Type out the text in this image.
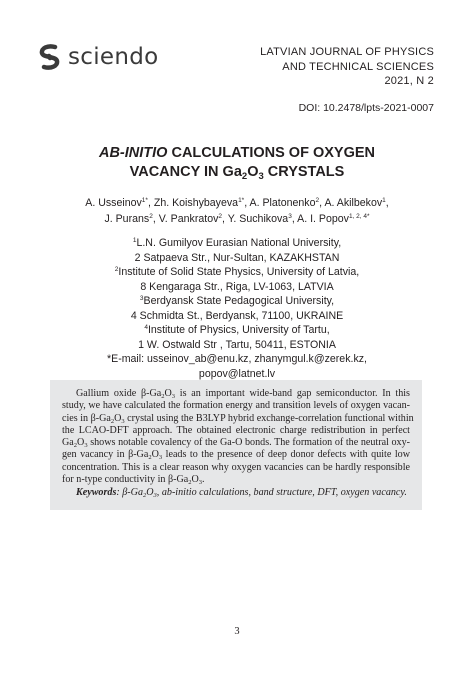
sciendo	LATVIAN JOURNAL OF PHYSICS
AND TECHNICAL SCIENCES
2021, N 2
DOI: 10.2478/lpts-2021-0007
AB-INITIO CALCULATIONS OF OXYGEN
VACANCY IN $Ga_2O_3$ CRYSTALS
A. Usseinov$^{1*}$, Zh. Koishybayeva$^{1*}$, A. Platonenko$^2$, A. Akilbekov$^1$,
J. Purans$^2$, V. Pankratov$^2$, Y. Suchikova$^3$, A. I. Popov$^{1, 2, 4*}$
$^1$L.N. Gumilyov Eurasian National University,
2 Satpaeva Str., Nur-Sultan, KAZAKHSTAN
$^2$Institute of Solid State Physics, University of Latvia,
8 Kengaraga Str., Riga, LV-1063, LATVIA
$^3$Berdyansk State Pedagogical University,
4 Schmidta St., Berdyansk, 71100, UKRAINE
$^4$Institute of Physics, University of Tartu,
1 W. Ostwald Str , Tartu, 50411, ESTONIA
*E-mail: usseinov_ab@enu.kz, zhanymgul.k@zerek.kz,
popov@latnet.lv
Gallium oxide $\beta-Ga_2O_3$ is an important wide-band gap semiconductor. In this
study, we have calculated the formation energy and transition levels of oxygen vacan-
cies in $\beta-Ga_2O_3$ crystal using the B3LYP hybrid exchange-correlation functional within
the LCAO-DFT approach. The obtained electronic charge redistribution in perfect
$Ga_2O_3$ shows notable covalency of the Ga-O bonds. The formation of the neutral oxy-
gen vacancy in $\beta-Ga_2O_3$ leads to the presence of deep donor defects with quite low
concentration. This is a clear reason why oxygen vacancies can be hardly responsible
for n-type conductivity in $\beta-Ga_2O_3$.
Keywords: $\beta-Ga_2O_3$, ab-initio calculations, band structure, DFT, oxygen vacancy.
3
